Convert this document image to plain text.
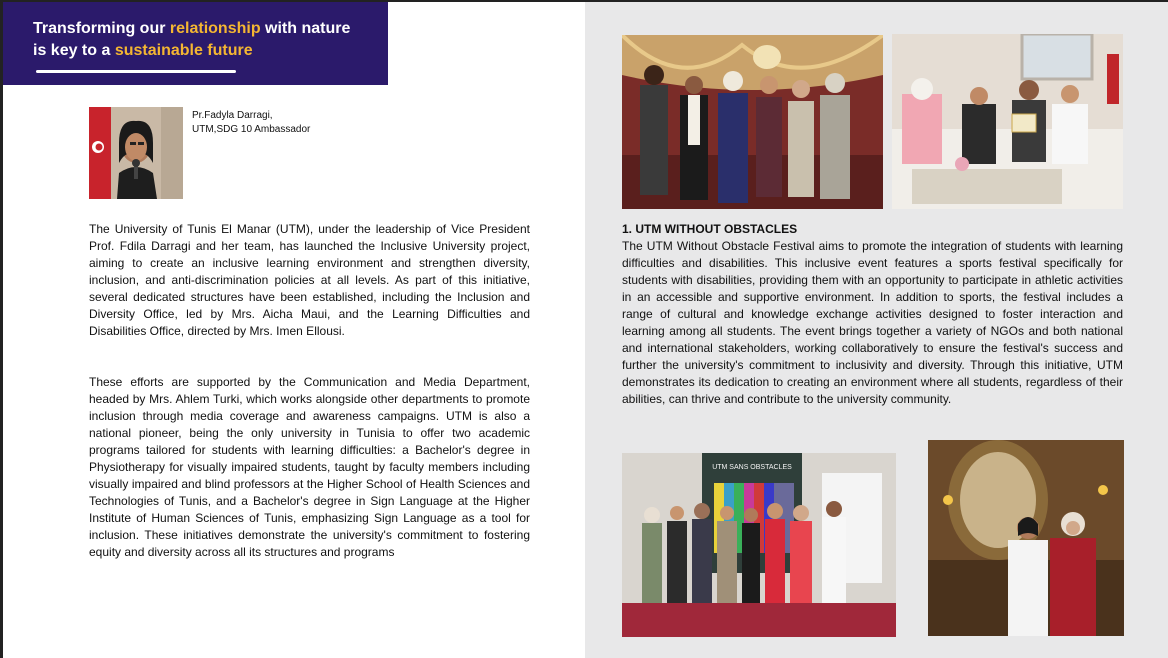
Transforming our relationship with nature
is key to a sustainable future
Pr.Fadyla Darragi,
UTM,SDG 10 Ambassador

The University of Tunis El Manar (UTM), under the leadership of Vice President Prof. Fdila Darragi and her team, has launched the Inclusive University project, aiming to create an inclusive learning environment and strengthen diversity, inclusion, and anti-discrimination policies at all levels. As part of this initiative, several dedicated structures have been established, including the Inclusion and Diversity Office, led by Mrs. Aicha Maui, and the Learning Difficulties and Disabilities Office, directed by Mrs. Imen Ellousi.

These efforts are supported by the Communication and Media Department, headed by Mrs. Ahlem Turki, which works alongside other departments to promote inclusion through media coverage and awareness campaigns. UTM is also a national pioneer, being the only university in Tunisia to offer two academic programs tailored for students with learning difficulties: a Bachelor's degree in Physiotherapy for visually impaired students, taught by faculty members including visually impaired and blind professors at the Higher School of Health Sciences and Technologies of Tunis, and a Bachelor's degree in Sign Language at the Higher Institute of Human Sciences of Tunis, emphasizing Sign Language as a tool for inclusion. These initiatives demonstrate the university's commitment to fostering equity and diversity across all its structures and programs

1. UTM WITHOUT OBSTACLES

The UTM Without Obstacle Festival aims to promote the integration of students with learning difficulties and disabilities. This inclusive event features a sports festival specifically for students with disabilities, providing them with an opportunity to participate in athletic activities in an accessible and supportive environment. In addition to sports, the festival includes a range of cultural and knowledge exchange activities designed to foster interaction and learning among all students. The event brings together a variety of NGOs and both national and international stakeholders, working collaboratively to ensure the festival's success and further the university's commitment to inclusivity and diversity. Through this initiative, UTM demonstrates its dedication to creating an environment where all students, regardless of their abilities, can thrive and contribute to the university community.

UTM SANS OBSTACLES
